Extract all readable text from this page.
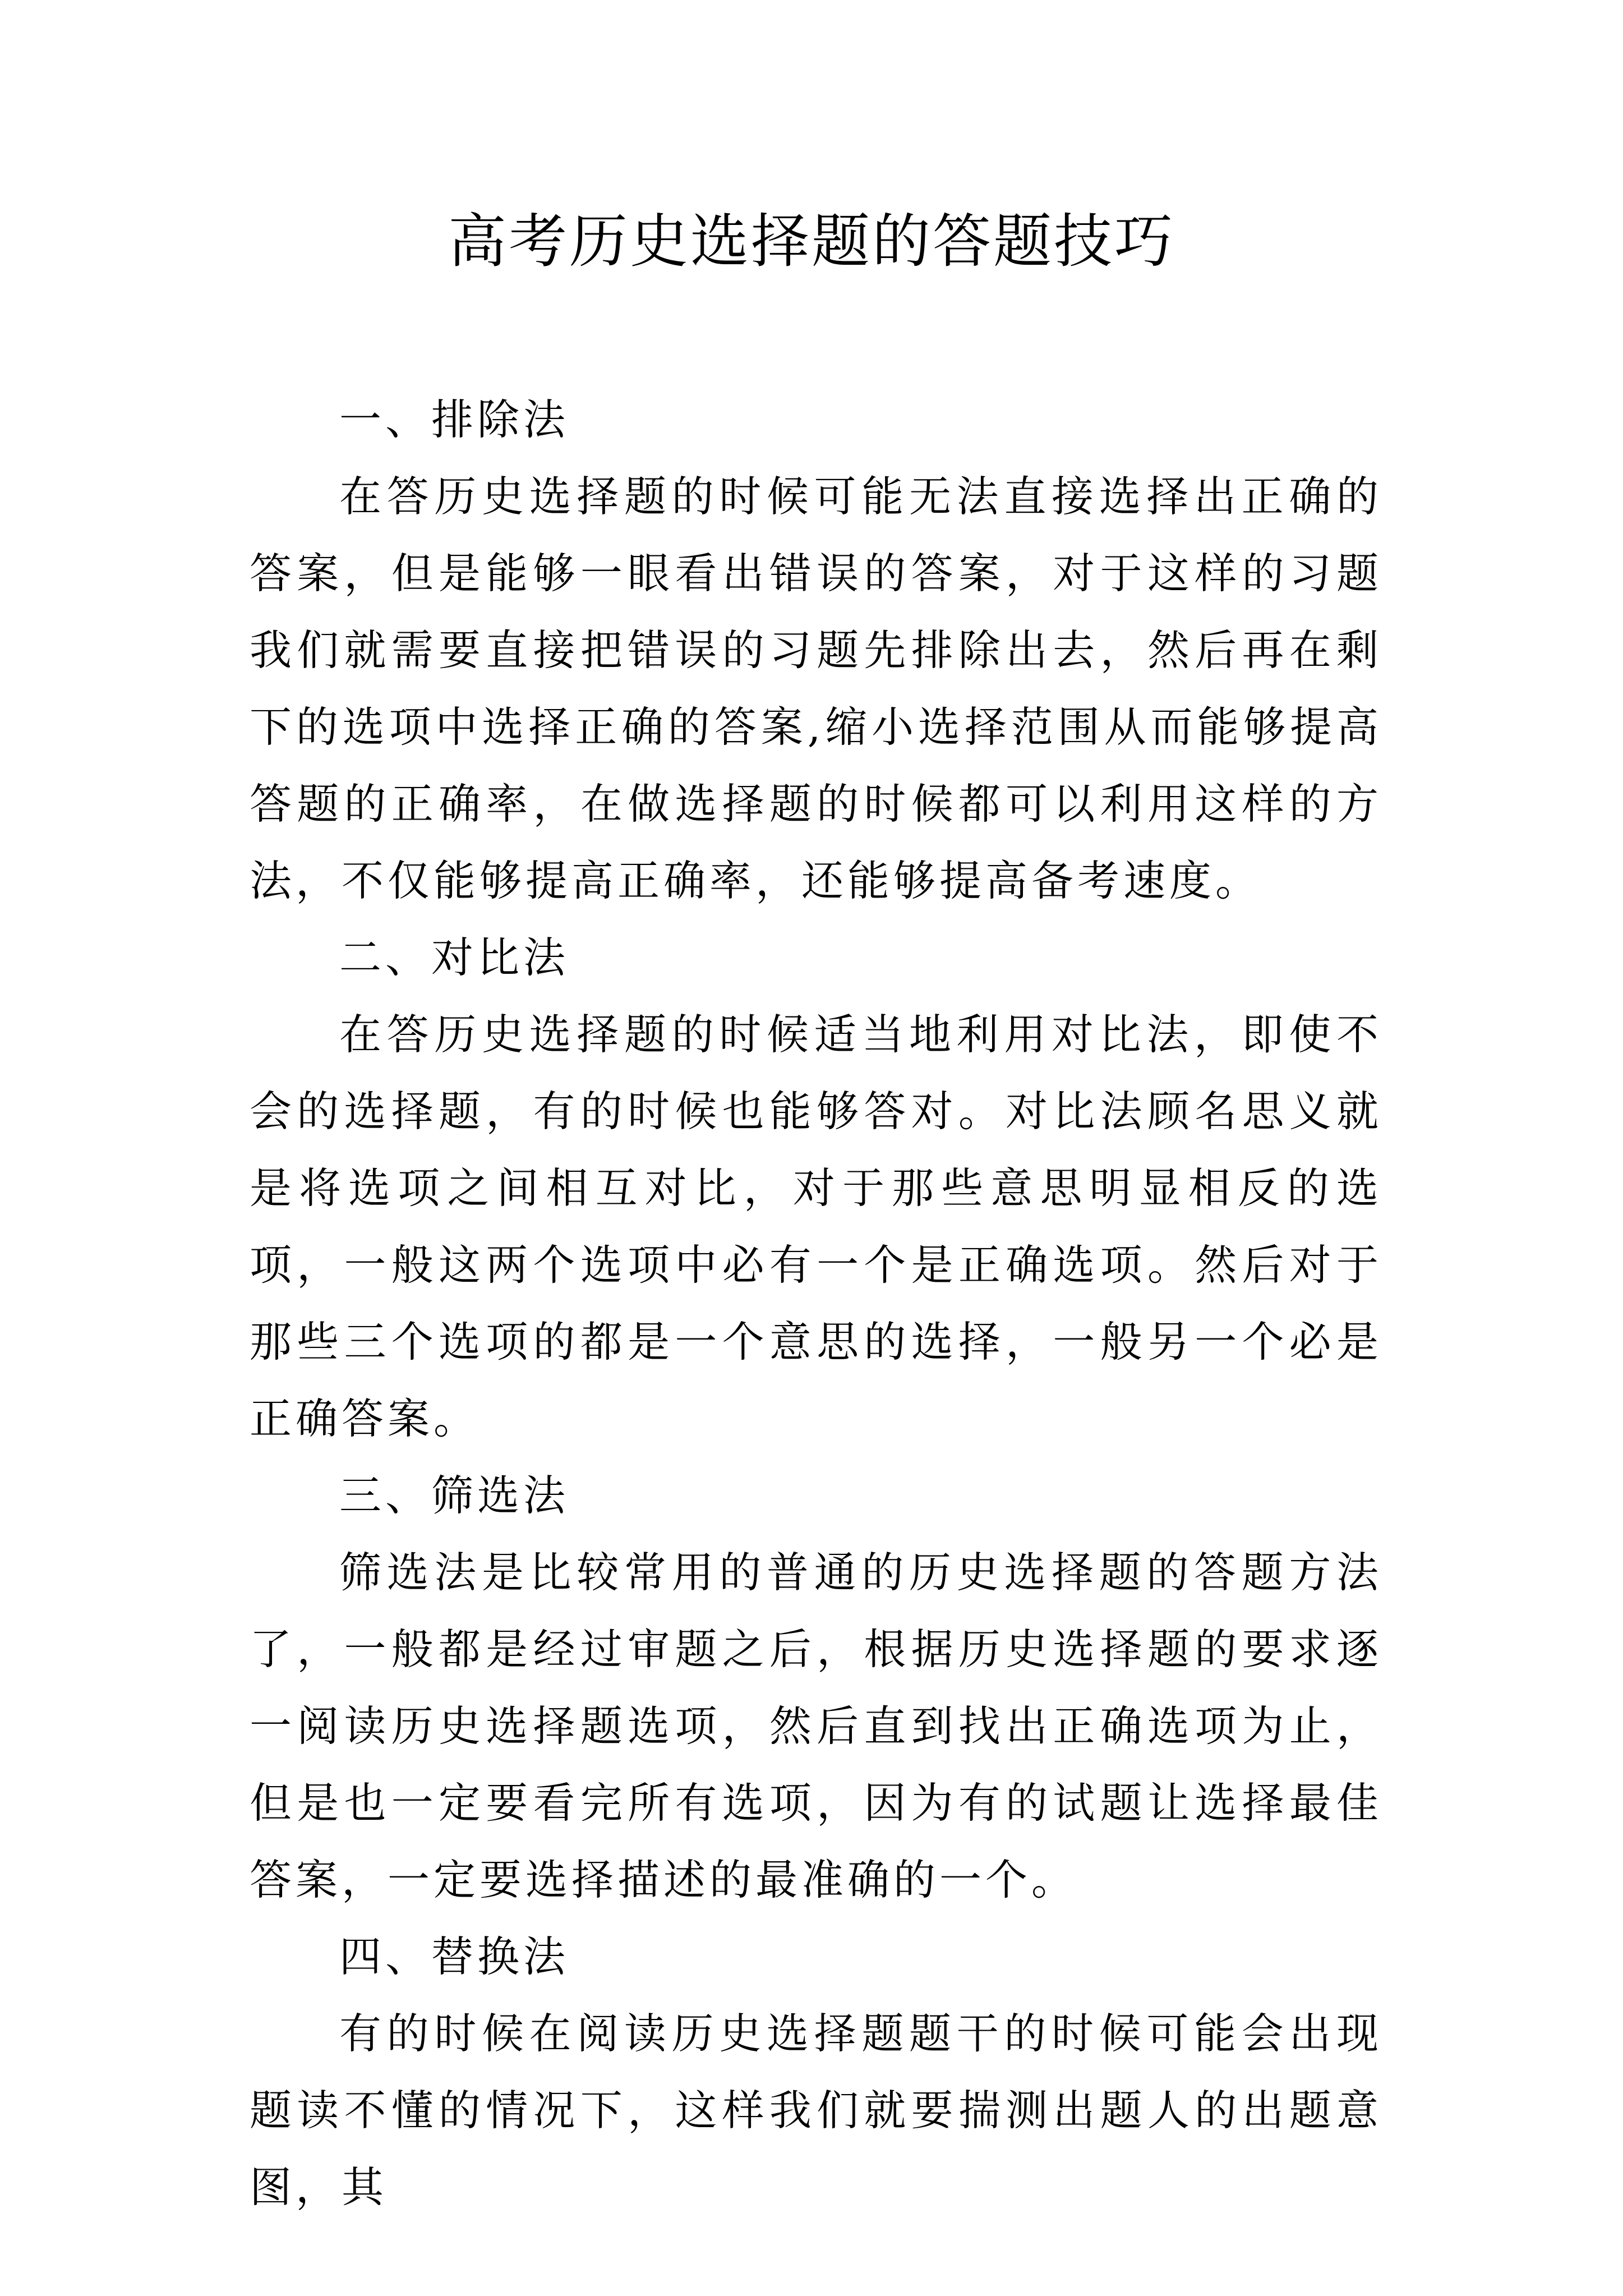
高考历史选择题的答题技巧

一、排除法

在答历史选择题的时候可能无法直接选择出正确的答案，但是能够一眼看出错误的答案，对于这样的习题我们就需要直接把错误的习题先排除出去，然后再在剩下的选项中选择正确的答案,缩小选择范围从而能够提高答题的正确率，在做选择题的时候都可以利用这样的方法，不仅能够提高正确率，还能够提高备考速度。

二、对比法

在答历史选择题的时候适当地利用对比法，即使不会的选择题，有的时候也能够答对。对比法顾名思义就是将选项之间相互对比，对于那些意思明显相反的选项，一般这两个选项中必有一个是正确选项。然后对于那些三个选项的都是一个意思的选择，一般另一个必是正确答案。

三、筛选法

筛选法是比较常用的普通的历史选择题的答题方法了，一般都是经过审题之后，根据历史选择题的要求逐一阅读历史选择题选项，然后直到找出正确选项为止，但是也一定要看完所有选项，因为有的试题让选择最佳答案，一定要选择描述的最准确的一个。

四、替换法

有的时候在阅读历史选择题题干的时候可能会出现题读不懂的情况下，这样我们就要揣测出题人的出题意图，其
